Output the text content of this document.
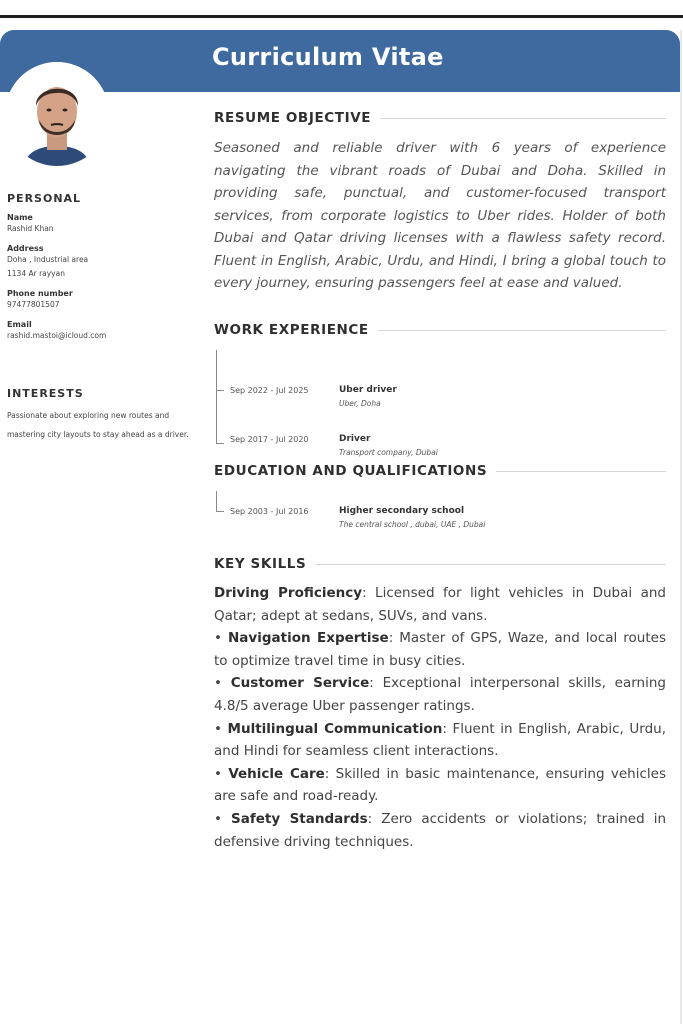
Curriculum Vitae
PERSONAL
Name
Rashid Khan
Address
Doha , Industrial area
1134 Ar rayyan
Phone number
97477801507
Email
rashid.mastoi@icloud.com
INTERESTS
Passionate about exploring new routes and mastering city layouts to stay ahead as a driver.
RESUME OBJECTIVE
Seasoned and reliable driver with 6 years of experience navigating the vibrant roads of Dubai and Doha. Skilled in providing safe, punctual, and customer-focused transport services, from corporate logistics to Uber rides. Holder of both Dubai and Qatar driving licenses with a flawless safety record. Fluent in English, Arabic, Urdu, and Hindi, I bring a global touch to every journey, ensuring passengers feel at ease and valued.
WORK EXPERIENCE
Sep 2022 - Jul 2025	Uber driver
Uber, Doha
Sep 2017 - Jul 2020	Driver
Transport company, Dubai
EDUCATION AND QUALIFICATIONS
Sep 2003 - Jul 2016	Higher secondary school
The central school , dubai, UAE , Dubai
KEY SKILLS
Driving Proficiency: Licensed for light vehicles in Dubai and Qatar; adept at sedans, SUVs, and vans.
• Navigation Expertise: Master of GPS, Waze, and local routes to optimize travel time in busy cities.
• Customer Service: Exceptional interpersonal skills, earning 4.8/5 average Uber passenger ratings.
• Multilingual Communication: Fluent in English, Arabic, Urdu, and Hindi for seamless client interactions.
• Vehicle Care: Skilled in basic maintenance, ensuring vehicles are safe and road-ready.
• Safety Standards: Zero accidents or violations; trained in defensive driving techniques.
